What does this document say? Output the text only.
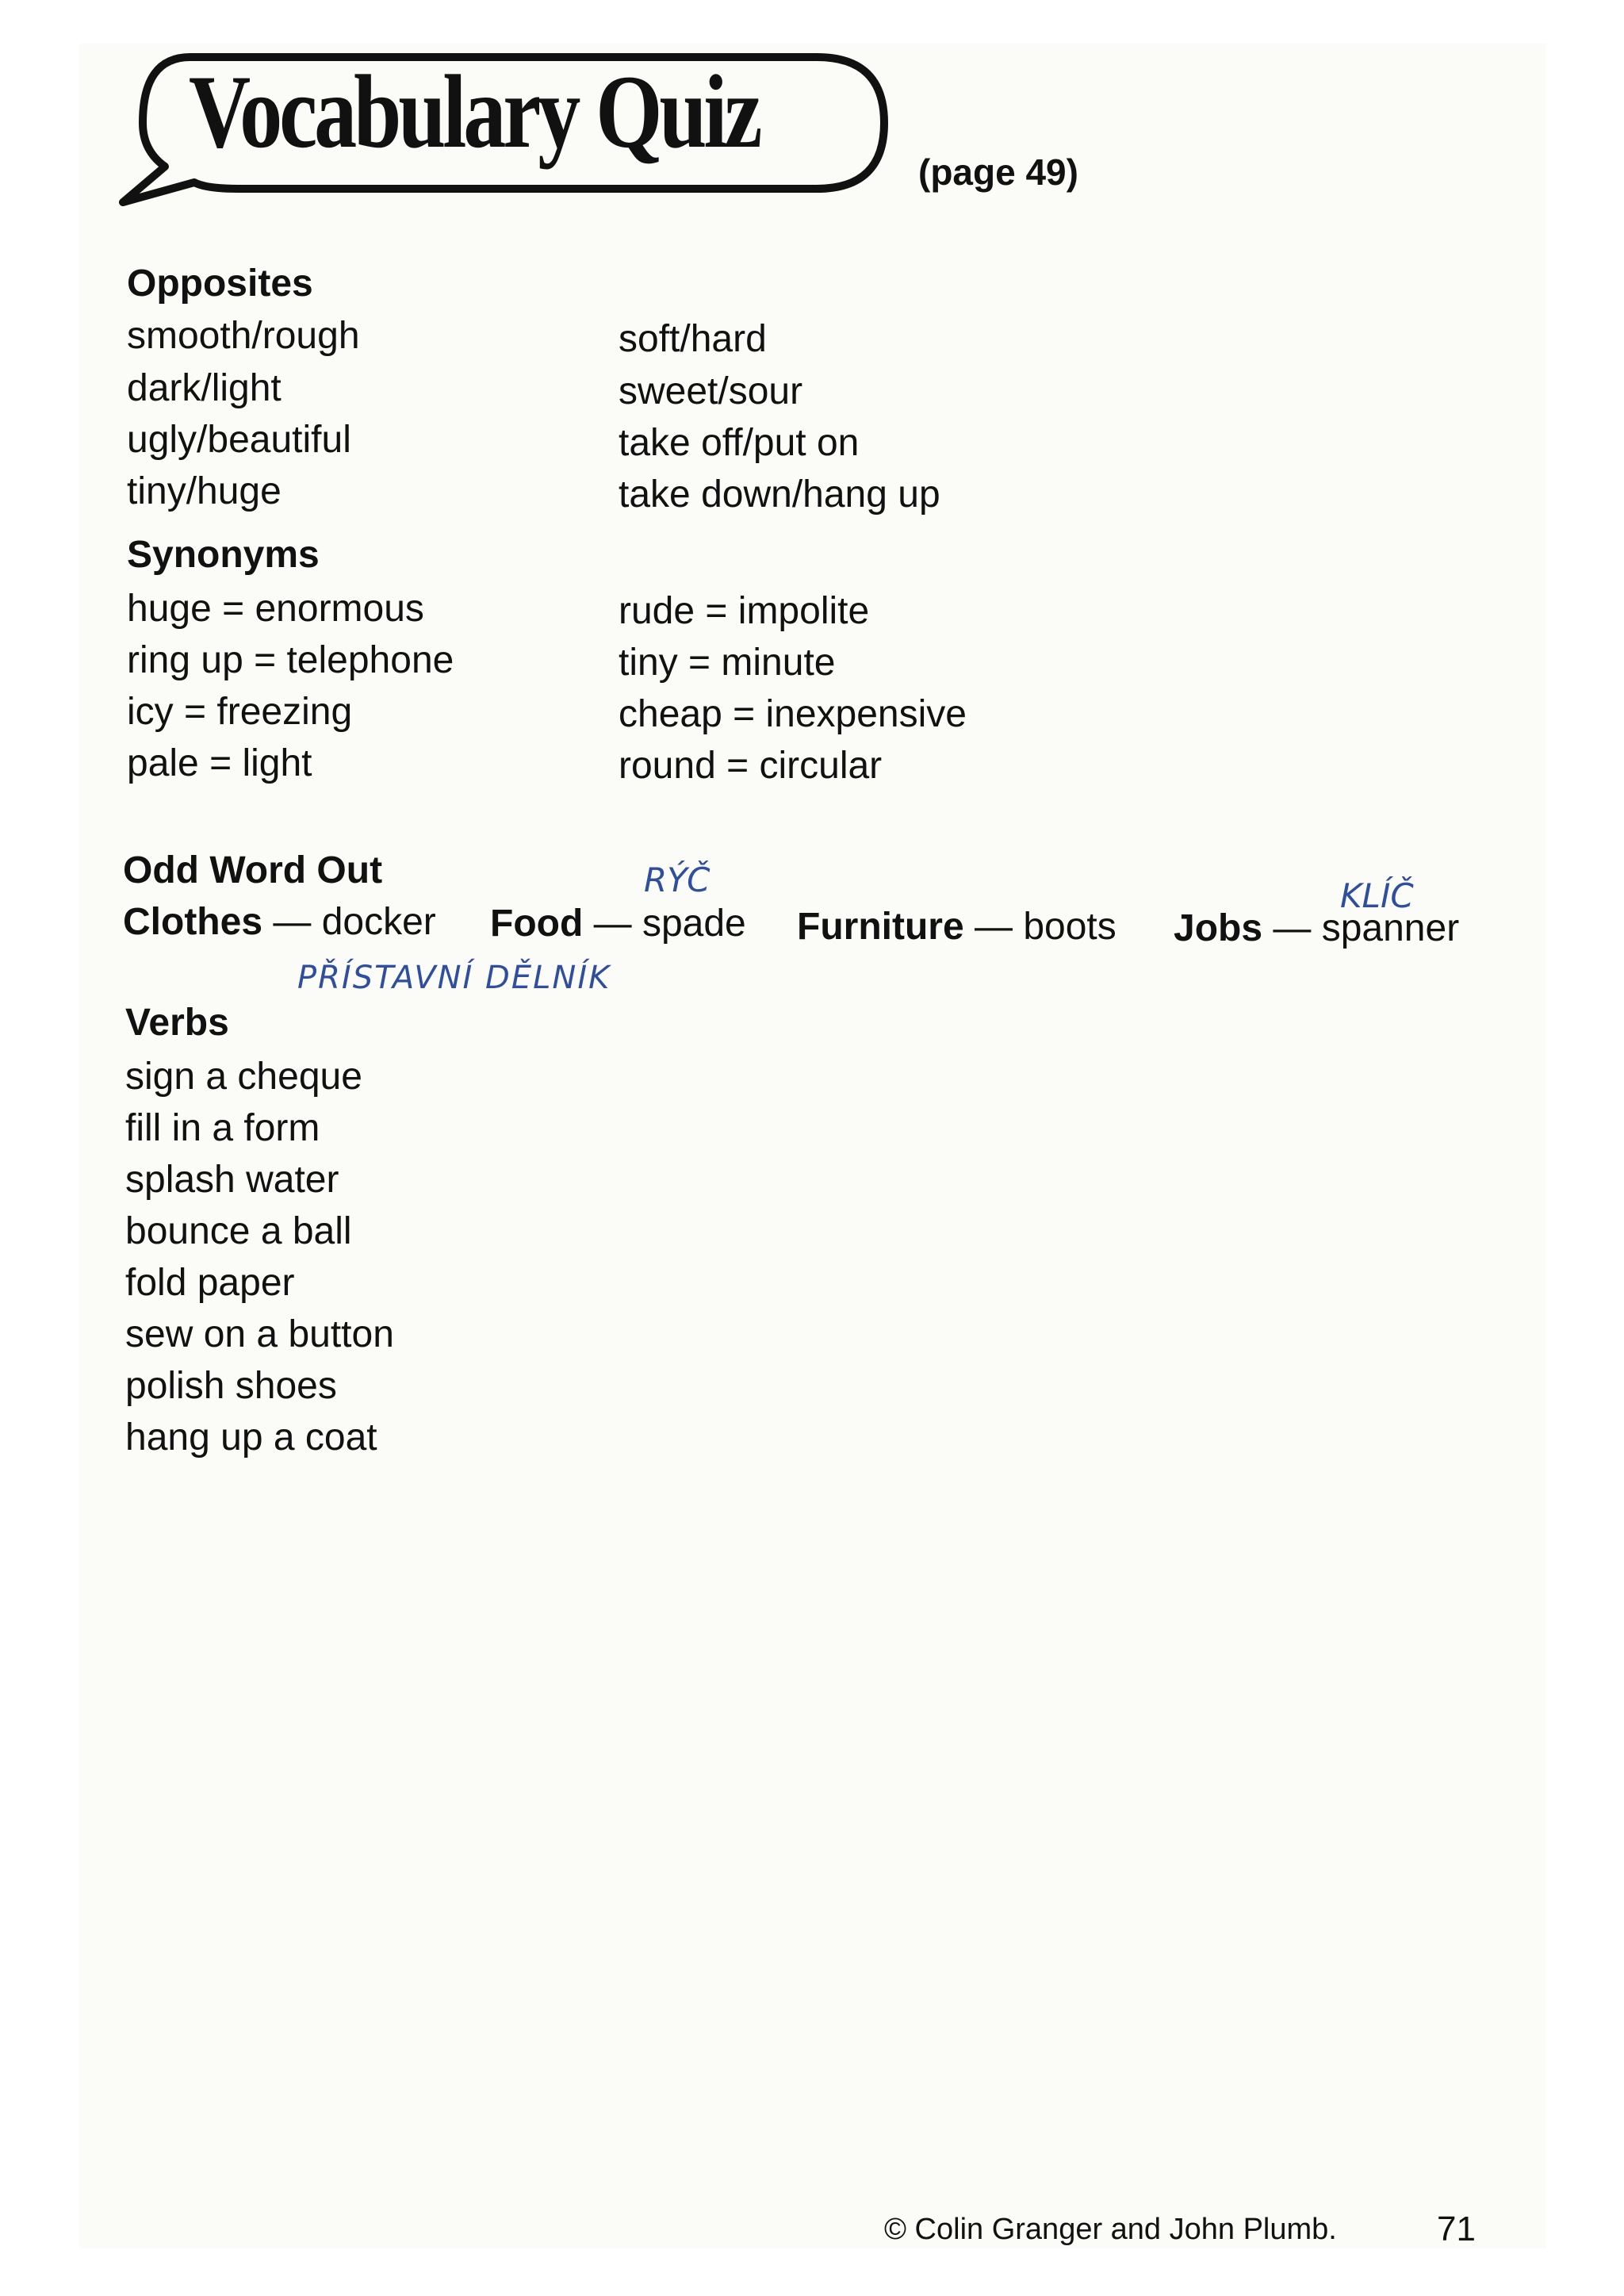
Vocabulary Quiz
(page 49)
Opposites
smooth/rough
dark/light
ugly/beautiful
tiny/huge
soft/hard
sweet/sour
take off/put on
take down/hang up
Synonyms
huge = enormous
ring up = telephone
icy = freezing
pale = light
rude = impolite
tiny = minute
cheap = inexpensive
round = circular
Odd Word Out
Clothes — docker Food — spade Furniture — boots Jobs — spanner
PŘÍSTAVNÍ DĚLNÍK
RÝČ	KLÍČ
Verbs
sign a cheque
fill in a form
splash water
bounce a ball
fold paper
sew on a button
polish shoes
hang up a coat
© Colin Granger and John Plumb.	71
